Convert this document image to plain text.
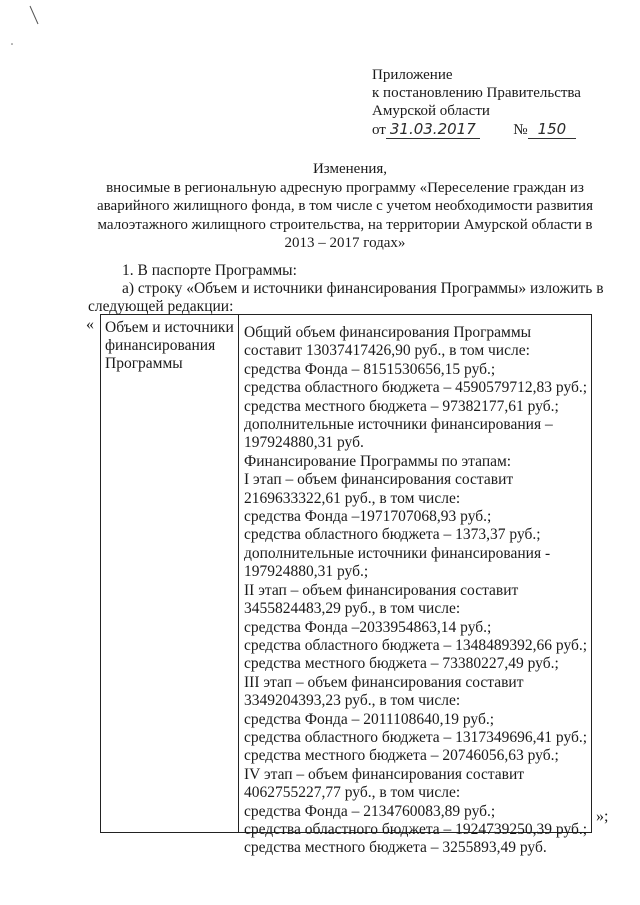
Приложение
к постановлению Правительства
Амурской области
от 31.03.2017	№ 150
Изменения,
вносимые в региональную адресную программу «Переселение граждан из
аварийного жилищного фонда, в том числе с учетом необходимости развития
малоэтажного жилищного строительства, на территории Амурской области в
2013 – 2017 годах»
1. В паспорте Программы:
а) строку «Объем и источники финансирования Программы» изложить в
следующей редакции:
« Объем и источники
финансирования
Программы
Общий объем финансирования Программы
составит 13037417426,90 руб., в том числе:
средства Фонда – 8151530656,15 руб.;
средства областного бюджета – 4590579712,83 руб.;
средства местного бюджета – 97382177,61 руб.;
дополнительные источники финансирования –
197924880,31 руб.
Финансирование Программы по этапам:
I этап – объем финансирования составит
2169633322,61 руб., в том числе:
средства Фонда –1971707068,93 руб.;
средства областного бюджета – 1373,37 руб.;
дополнительные источники финансирования -
197924880,31 руб.;
II этап – объем финансирования составит
3455824483,29 руб., в том числе:
средства Фонда –2033954863,14 руб.;
средства областного бюджета – 1348489392,66 руб.;
средства местного бюджета – 73380227,49 руб.;
III этап – объем финансирования составит
3349204393,23 руб., в том числе:
средства Фонда – 2011108640,19 руб.;
средства областного бюджета – 1317349696,41 руб.;
средства местного бюджета – 20746056,63 руб.;
IV этап – объем финансирования составит
4062755227,77 руб., в том числе:
средства Фонда – 2134760083,89 руб.;
средства областного бюджета – 1924739250,39 руб.;
средства местного бюджета – 3255893,49 руб.
»;
